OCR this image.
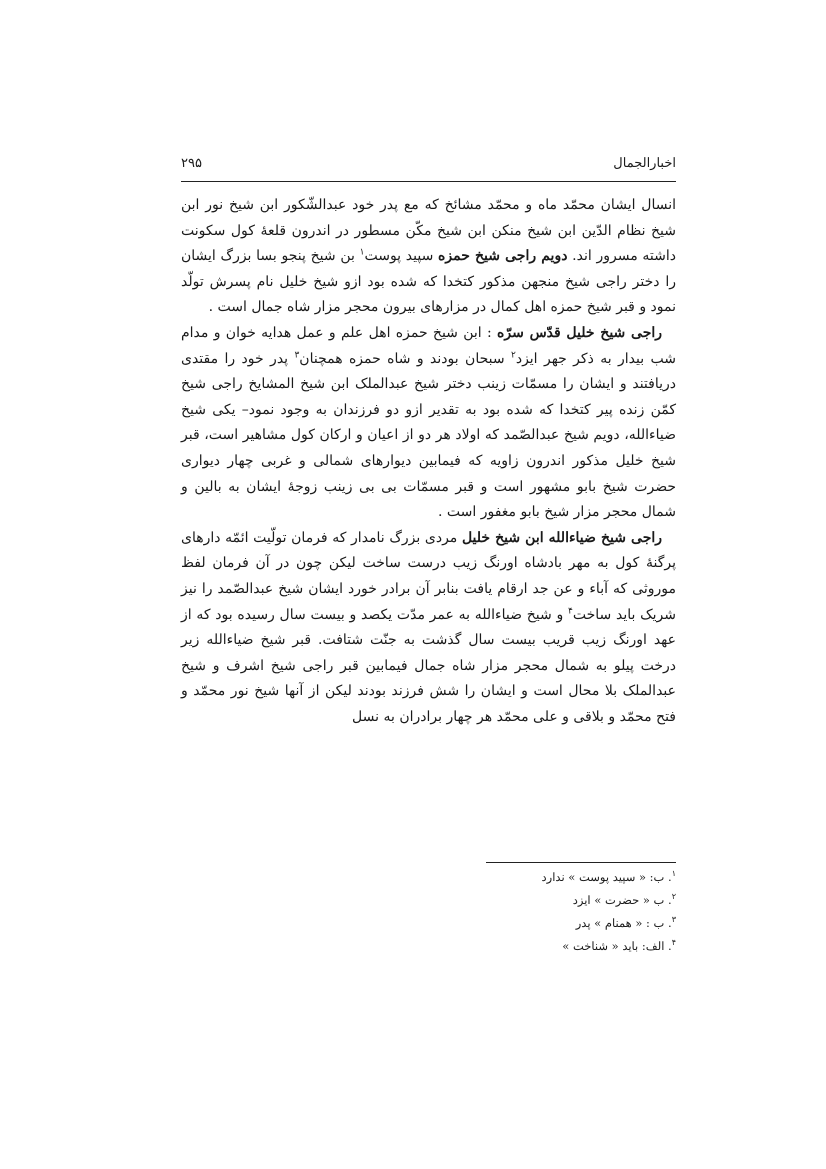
اخبارالجمال
۲۹۵

انسال ایشان محمّد ماه و محمّد مشائخ که مع پدر خود عبدالشّکور ابن شیخ نور ابن شیخ نظام الدّین ابن شیخ منکن ابن شیخ مکّن مسطور در اندرون قلعۀ کول سکونت داشته مسرور اند. دویم راجی شیخ حمزه سپید پوست$^۱$ بن شیخ پنجو بسا بزرگ ایشان را دختر راجی شیخ منجهن مذکور کتخدا که شده بود ازو شیخ خلیل نام پسرش تولّد نمود و قبر شیخ حمزه اهل کمال در مزارهای بیرون محجر مزار شاه جمال است .

 راجی شیخ خلیل قدّس سرّه : ابن شیخ حمزه اهل علم و عمل هدایه خوان و مدام شب بیدار به ذکر جهر ایزد$^۲$ سبحان بودند و شاه حمزه همچنان$^۳$ پدر خود را مقتدی دریافتند و ایشان را مسمّات زینب دختر شیخ عبدالملک ابن شیخ المشایخ راجی شیخ کمّن زنده پیر کتخدا که شده بود به تقدیر ازو دو فرزندان به وجود نمود– یکی شیخ ضیاءالله، دویم شیخ عبدالصّمد که اولاد هر دو از اعیان و ارکان کول مشاهیر است، قبر شیخ خلیل مذکور اندرون زاویه که فیمابین دیوارهای شمالی و غربی چهار دیواری حضرت شیخ بابو مشهور است و قبر مسمّات بی بی زینب زوجۀ ایشان به بالین و شمال محجر مزار شیخ بابو مغفور است .

 راجی شیخ ضیاءالله ابن شیخ خلیل مردی بزرگ نامدار که فرمان تولّیت ائمّه دارهای پرگنۀ کول به مهر بادشاه اورنگ زیب درست ساخت لیکن چون در آن فرمان لفظ موروثی که آباء و عن جد ارقام یافت بنابر آن برادر خورد ایشان شیخ عبدالصّمد را نیز شریک باید ساخت$^۴$ و شیخ ضیاءالله به عمر مدّت یکصد و بیست سال رسیده بود که از عهد اورنگ زیب قریب بیست سال گذشت به جنّت شتافت. قبر شیخ ضیاءالله زیر درخت پیلو به شمال محجر مزار شاه جمال فیمابین قبر راجی شیخ اشرف و شیخ عبدالملک بلا محال است و ایشان را شش فرزند بودند لیکن از آنها شیخ نور محمّد و فتح محمّد و بلاقی و علی محمّد هر چهار برادران به نسل

$^۱$. ب: « سپید پوست » ندارد
$^۲$. ب « حضرت » ایزد
$^۳$. ب : « همنام » پدر
$^۴$. الف: باید « شناخت »
